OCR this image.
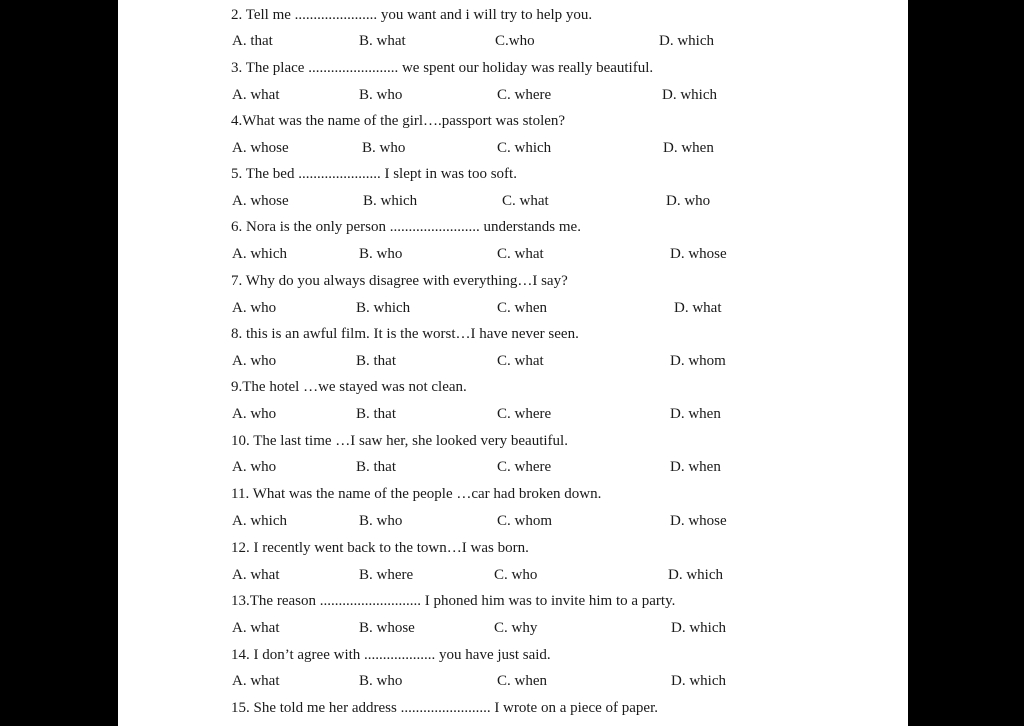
2. Tell me ...................... you want and i will try to help you.
A. that	B. what	C.who	D. which
3. The place ........................ we spent our holiday was really beautiful.
A. what	B. who	C. where	D. which
4.What was the name of the girl….passport was stolen?
A. whose	B. who	C. which	D. when
5. The bed ...................... I slept in was too soft.
A. whose	B. which	C. what	D. who
6. Nora is the only person ........................ understands me.
A. which	B. who	C. what	D. whose
7. Why do you always disagree with everything…I say?
A. who	B. which	C. when	D. what
8. this is an awful film. It is the worst…I have never seen.
A. who	B. that	C. what	D. whom
9.The hotel …we stayed was not clean.
A. who	B. that	C. where	D. when
10. The last time …I saw her, she looked very beautiful.
A. who	B. that	C. where	D. when
11. What was the name of the people …car had broken down.
A. which	B. who	C. whom	D. whose
12. I recently went back to the town…I was born.
A. what	B. where	C. who	D. which
13.The reason ........................... I phoned him was to invite him to a party.
A. what	B. whose	C. why	D. which
14. I don’t agree with ................... you have just said.
A. what	B. who	C. when	D. which
15. She told me her address ........................ I wrote on a piece of paper.
